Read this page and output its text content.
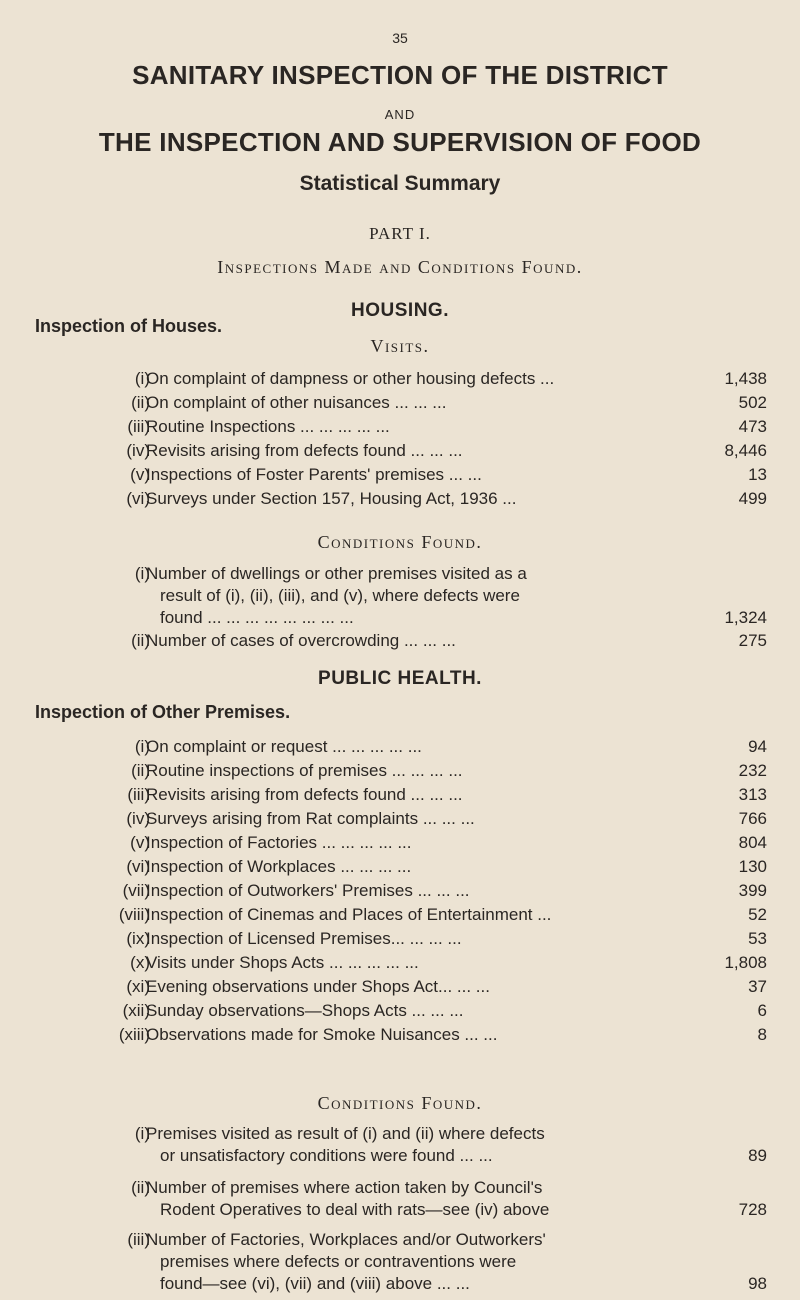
35
SANITARY INSPECTION OF THE DISTRICT
AND
THE INSPECTION AND SUPERVISION OF FOOD
Statistical Summary
PART I.
Inspections Made and Conditions Found.
HOUSING.
Inspection of Houses.
Visits.
(i)
On complaint of dampness or other housing defects ...	1,438
(ii)
On complaint of other nuisances ... ... ...	502
(iii)
Routine Inspections ... ... ... ... ...	473
(iv)
Revisits arising from defects found ... ... ...	8,446
(v)
Inspections of Foster Parents' premises ... ...	13
(vi)
Surveys under Section 157, Housing Act, 1936 ...	499
Conditions Found.
(i)
Number of dwellings or other premises visited as a
result of (i), (ii), (iii), and (v), where defects were
found ... ... ... ... ... ... ... ...	1,324
(ii)
Number of cases of overcrowding ... ... ...	275
PUBLIC HEALTH.
Inspection of Other Premises.
(i)
On complaint or request ... ... ... ... ...	94
(ii)
Routine inspections of premises ... ... ... ...	232
(iii)
Revisits arising from defects found ... ... ...	313
(iv)
Surveys arising from Rat complaints ... ... ...	766
(v)
Inspection of Factories ... ... ... ... ...	804
(vi)
Inspection of Workplaces ... ... ... ...	130
(vii)
Inspection of Outworkers' Premises ... ... ...	399
(viii)
Inspection of Cinemas and Places of Entertainment ...	52
(ix)
Inspection of Licensed Premises... ... ... ...	53
(x)
Visits under Shops Acts ... ... ... ... ...	1,808
(xi)
Evening observations under Shops Act... ... ...	37
(xii)
Sunday observations—Shops Acts ... ... ...	6
(xiii)
Observations made for Smoke Nuisances ... ...	8
Conditions Found.
(i)
Premises visited as result of (i) and (ii) where defects
or unsatisfactory conditions were found ... ...	89
(ii)
Number of premises where action taken by Council's
Rodent Operatives to deal with rats—see (iv) above	728
(iii)
Number of Factories, Workplaces and/or Outworkers'
premises where defects or contraventions were
found—see (vi), (vii) and (viii) above ... ...	98
